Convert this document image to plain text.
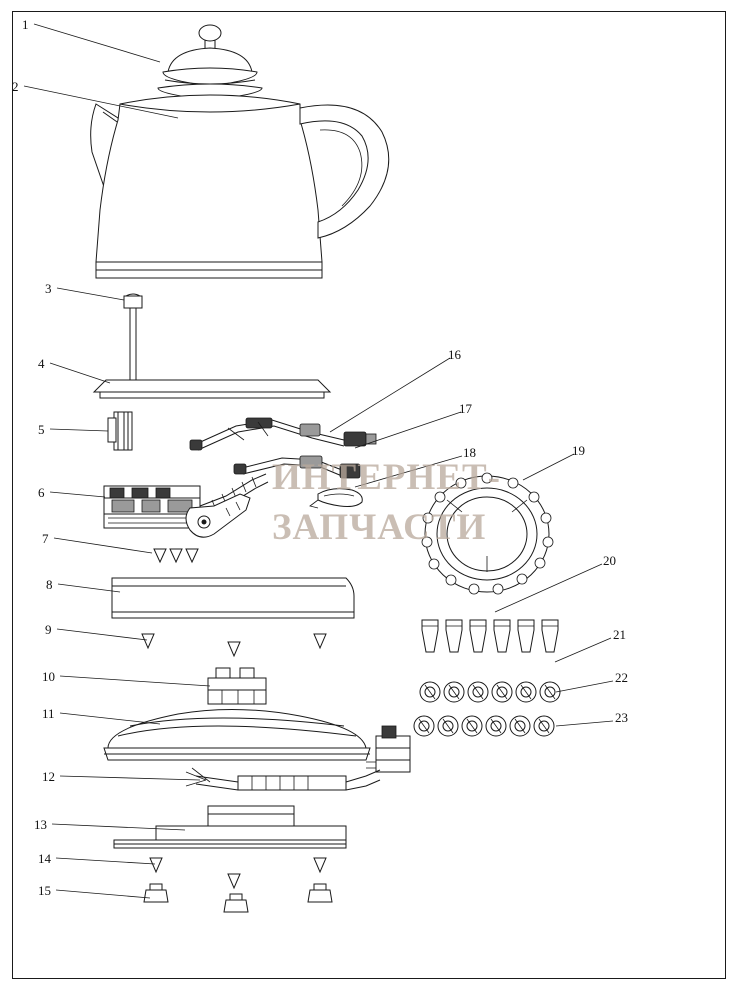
1
2
3
4
5
6
7
8
9
10
11
12
13
14
15
16
17
18	19
20
21
22
23
ИНТЕРНЕТ-
ЗАПЧАСТИ
